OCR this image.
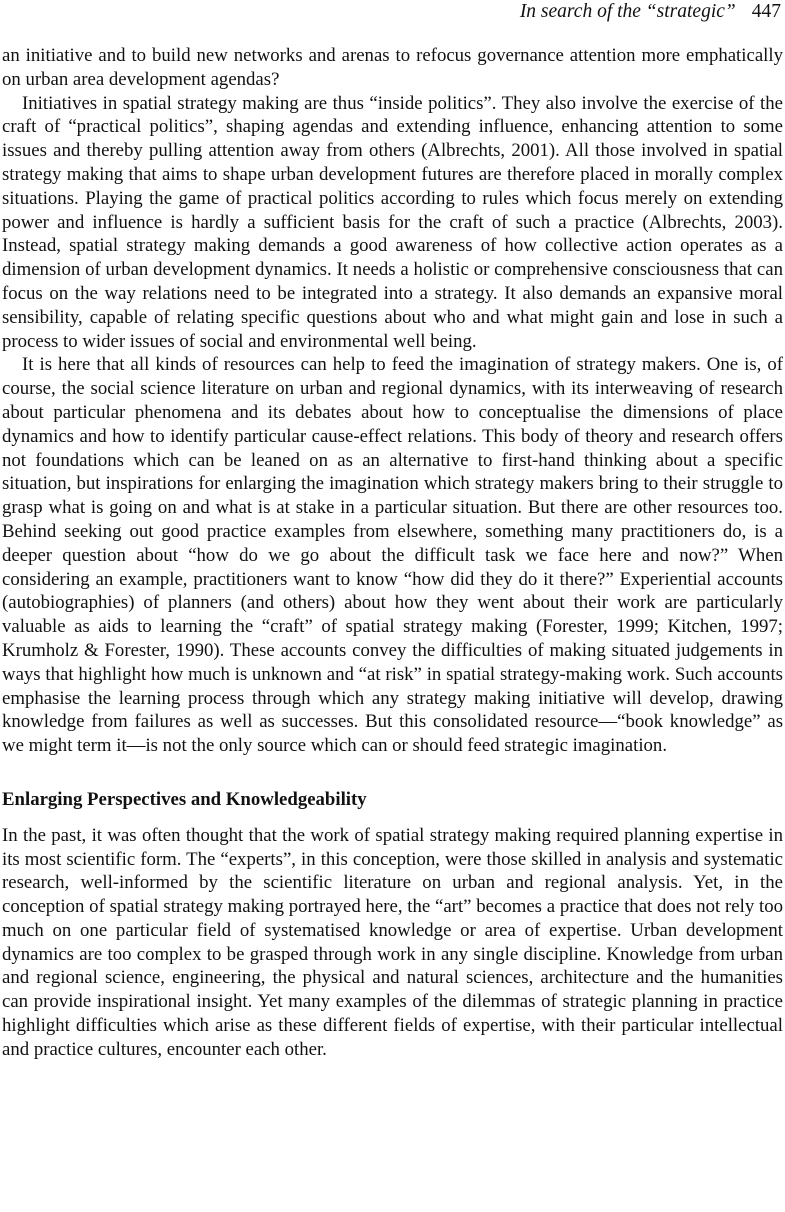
In search of the “strategic” 447

an initiative and to build new networks and arenas to refocus governance attention more emphatically on urban area development agendas?

Initiatives in spatial strategy making are thus “inside politics”. They also involve the exercise of the craft of “practical politics”, shaping agendas and extending influence, enhancing attention to some issues and thereby pulling attention away from others (Albrechts, 2001). All those involved in spatial strategy making that aims to shape urban development futures are therefore placed in morally complex situations. Playing the game of practical politics according to rules which focus merely on extending power and influence is hardly a sufficient basis for the craft of such a practice (Albrechts, 2003). Instead, spatial strategy making demands a good awareness of how collective action operates as a dimension of urban development dynamics. It needs a holistic or comprehensive consciousness that can focus on the way relations need to be integrated into a strategy. It also demands an expansive moral sensibility, capable of relating specific questions about who and what might gain and lose in such a process to wider issues of social and environmental well being.

It is here that all kinds of resources can help to feed the imagination of strategy makers. One is, of course, the social science literature on urban and regional dynamics, with its interweaving of research about particular phenomena and its debates about how to conceptualise the dimensions of place dynamics and how to identify particular cause-effect relations. This body of theory and research offers not foundations which can be leaned on as an alternative to first-hand thinking about a specific situation, but inspirations for enlarging the imagination which strategy makers bring to their struggle to grasp what is going on and what is at stake in a particular situation. But there are other resources too. Behind seeking out good practice examples from elsewhere, something many practitioners do, is a deeper question about “how do we go about the difficult task we face here and now?” When considering an example, practitioners want to know “how did they do it there?” Experiential accounts (autobiographies) of planners (and others) about how they went about their work are particularly valuable as aids to learning the “craft” of spatial strategy making (Forester, 1999; Kitchen, 1997; Krumholz & Forester, 1990). These accounts convey the difficulties of making situated judgements in ways that highlight how much is unknown and “at risk” in spatial strategy-making work. Such accounts emphasise the learning process through which any strategy making initiative will develop, drawing knowledge from failures as well as successes. But this consolidated resource—“book knowledge” as we might term it—is not the only source which can or should feed strategic imagination.

Enlarging Perspectives and Knowledgeability

In the past, it was often thought that the work of spatial strategy making required planning expertise in its most scientific form. The “experts”, in this conception, were those skilled in analysis and systematic research, well-informed by the scientific literature on urban and regional analysis. Yet, in the conception of spatial strategy making portrayed here, the “art” becomes a practice that does not rely too much on one particular field of systematised knowledge or area of expertise. Urban development dynamics are too complex to be grasped through work in any single discipline. Knowledge from urban and regional science, engineering, the physical and natural sciences, architecture and the humanities can provide inspirational insight. Yet many examples of the dilemmas of strategic planning in practice highlight difficulties which arise as these different fields of expertise, with their particular intellectual and practice cultures, encounter each other.
